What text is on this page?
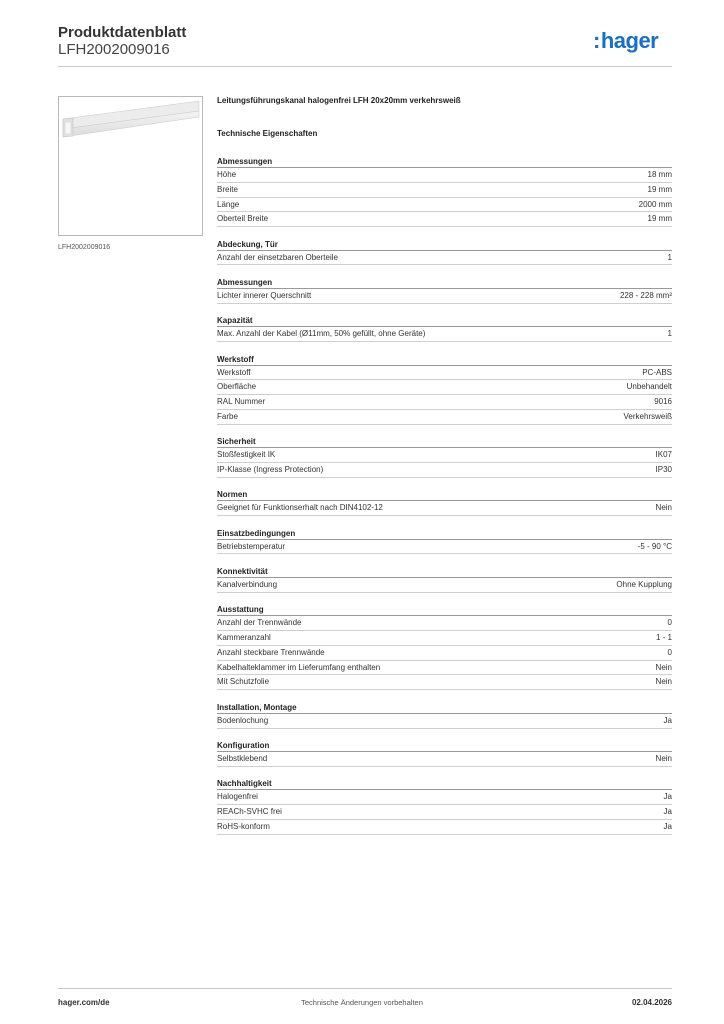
Produktdatenblatt
LFH2002009016	:hager
LFH2002009016
Leitungsführungskanal halogenfrei LFH 20x20mm verkehrsweiß
Technische Eigenschaften
Abmessungen
Höhe	18 mm
Breite	19 mm
Länge	2000 mm
Oberteil Breite	19 mm
Abdeckung, Tür
Anzahl der einsetzbaren Oberteile	1
Abmessungen
Lichter innerer Querschnitt	228 - 228 mm²
Kapazität
Max. Anzahl der Kabel (Ø11mm, 50% gefüllt, ohne Geräte)	1
Werkstoff
Werkstoff	PC-ABS
Oberfläche	Unbehandelt
RAL Nummer	9016
Farbe	Verkehrsweiß
Sicherheit
Stoßfestigkeit IK	IK07
IP-Klasse (Ingress Protection)	IP30
Normen
Geeignet für Funktionserhalt nach DIN4102-12	Nein
Einsatzbedingungen
Betriebstemperatur	-5 - 90 °C
Konnektivität
Kanalverbindung	Ohne Kupplung
Ausstattung
Anzahl der Trennwände	0
Kammeranzahl	1 - 1
Anzahl steckbare Trennwände	0
Kabelhalteklammer im Lieferumfang enthalten	Nein
Mit Schutzfolie	Nein
Installation, Montage
Bodenlochung	Ja
Konfiguration
Selbstklebend	Nein
Nachhaltigkeit
Halogenfrei	Ja
REACh-SVHC frei	Ja
RoHS-konform	Ja
hager.com/de	Technische Änderungen vorbehalten	02.04.2026
